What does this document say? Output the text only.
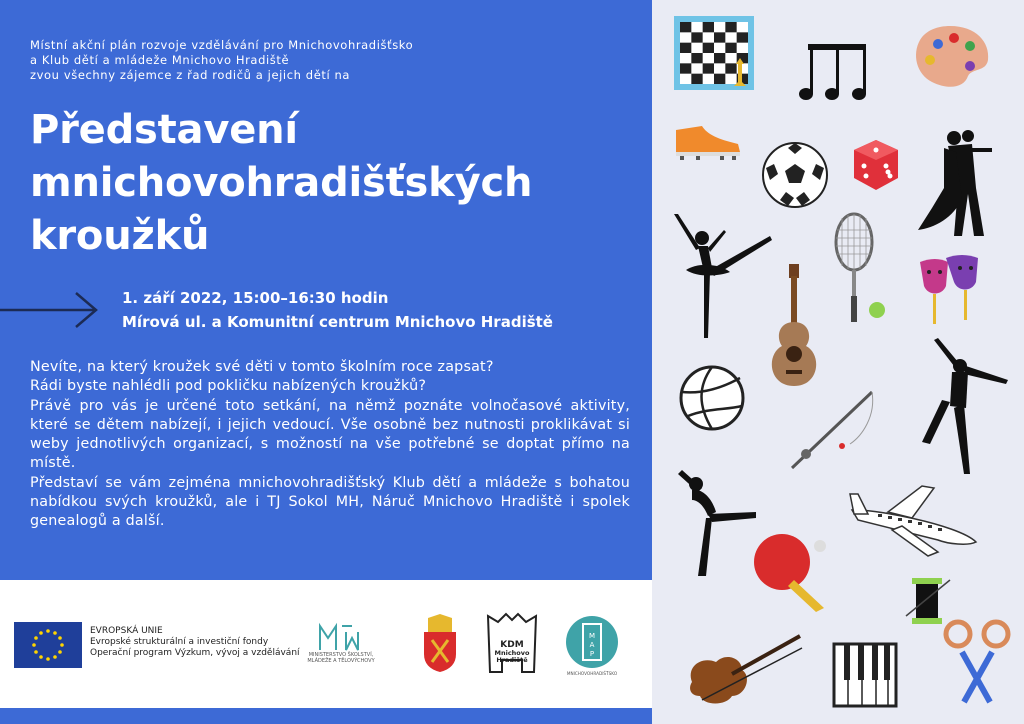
Místní akční plán rozvoje vzdělávání pro Mnichovohradišťsko
a Klub dětí a mládeže Mnichovo Hradiště
zvou všechny zájemce z řad rodičů a jejich dětí na
Představení
mnichovohradišťských
kroužků
1. září 2022, 15:00–16:30 hodin
Mírová ul. a Komunitní centrum Mnichovo Hradiště

Nevíte, na který kroužek své děti v tomto školním roce zapsat?

Rádi byste nahlédli pod pokličku nabízených kroužků?

Právě pro vás je určené toto setkání, na němž poznáte volnočasové aktivity, které se dětem nabízejí, i jejich vedoucí. Vše osobně bez nutnosti proklikávat si weby jednotlivých organizací, s možností na vše potřebné se doptat přímo na místě.

Představí se vám zejména mnichovohradišťský Klub dětí a mládeže s bohatou nabídkou svých kroužků, ale i TJ Sokol MH, Náruč Mnichovo Hradiště i spolek genealogů a další.

EVROPSKÁ UNIE
Evropské strukturální a investiční fondy
Operační program Výzkum, vývoj a vzdělávání	MINISTERSTVO ŠKOLSTVÍ,
MLÁDEŽE A TĚLOVÝCHOVY
KDM
Mnichovo
Hradiště
M
A
P
MNICHOVOHRADIŠŤSKO
